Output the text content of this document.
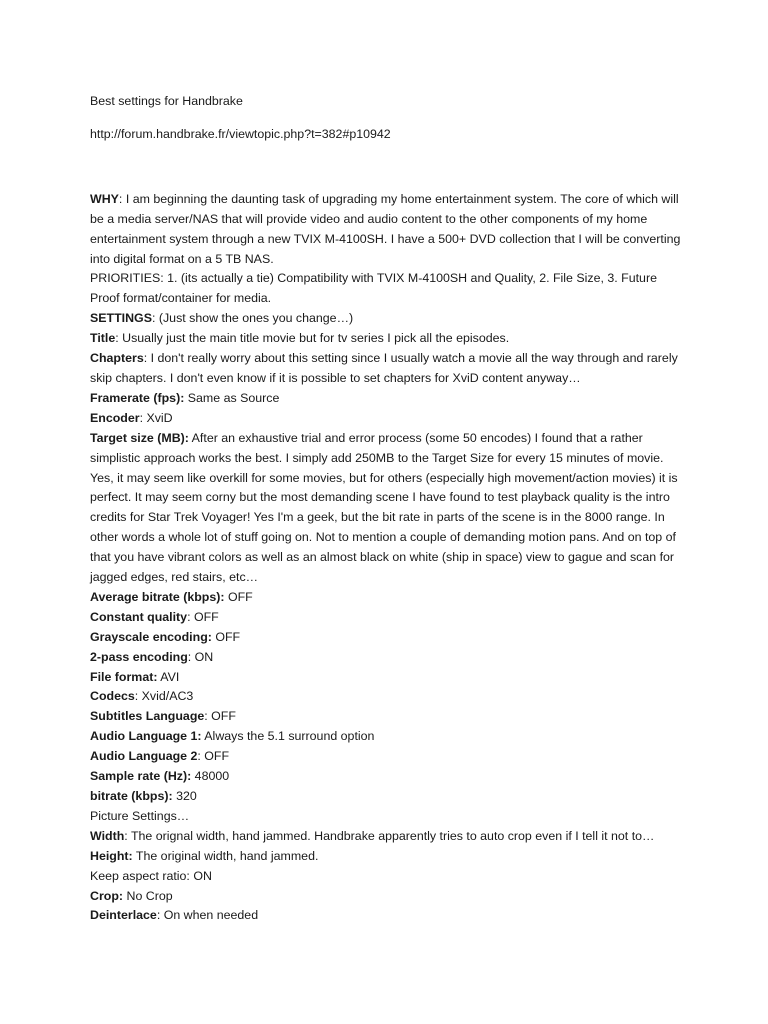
Best settings for Handbrake

http://forum.handbrake.fr/viewtopic.php?t=382#p10942

WHY: I am beginning the daunting task of upgrading my home entertainment system. The core of which will be a media server/NAS that will provide video and audio content to the other components of my home entertainment system through a new TVIX M-4100SH. I have a 500+ DVD collection that I will be converting into digital format on a 5 TB NAS.

PRIORITIES: 1. (its actually a tie) Compatibility with TVIX M-4100SH and Quality, 2. File Size, 3. Future Proof format/container for media.

SETTINGS: (Just show the ones you change…)

Title: Usually just the main title movie but for tv series I pick all the episodes.

Chapters: I don't really worry about this setting since I usually watch a movie all the way through and rarely skip chapters. I don't even know if it is possible to set chapters for XviD content anyway…

Framerate (fps): Same as Source

Encoder: XviD

Target size (MB): After an exhaustive trial and error process (some 50 encodes) I found that a rather simplistic approach works the best. I simply add 250MB to the Target Size for every 15 minutes of movie. Yes, it may seem like overkill for some movies, but for others (especially high movement/action movies) it is perfect. It may seem corny but the most demanding scene I have found to test playback quality is the intro credits for Star Trek Voyager! Yes I'm a geek, but the bit rate in parts of the scene is in the 8000 range. In other words a whole lot of stuff going on. Not to mention a couple of demanding motion pans. And on top of that you have vibrant colors as well as an almost black on white (ship in space) view to gague and scan for jagged edges, red stairs, etc…

Average bitrate (kbps): OFF

Constant quality: OFF

Grayscale encoding: OFF

2-pass encoding: ON

File format: AVI

Codecs: Xvid/AC3

Subtitles Language: OFF

Audio Language 1: Always the 5.1 surround option

Audio Language 2: OFF

Sample rate (Hz): 48000

bitrate (kbps): 320

Picture Settings…

Width: The orignal width, hand jammed. Handbrake apparently tries to auto crop even if I tell it not to…

Height: The original width, hand jammed.

Keep aspect ratio: ON

Crop: No Crop

Deinterlace: On when needed
